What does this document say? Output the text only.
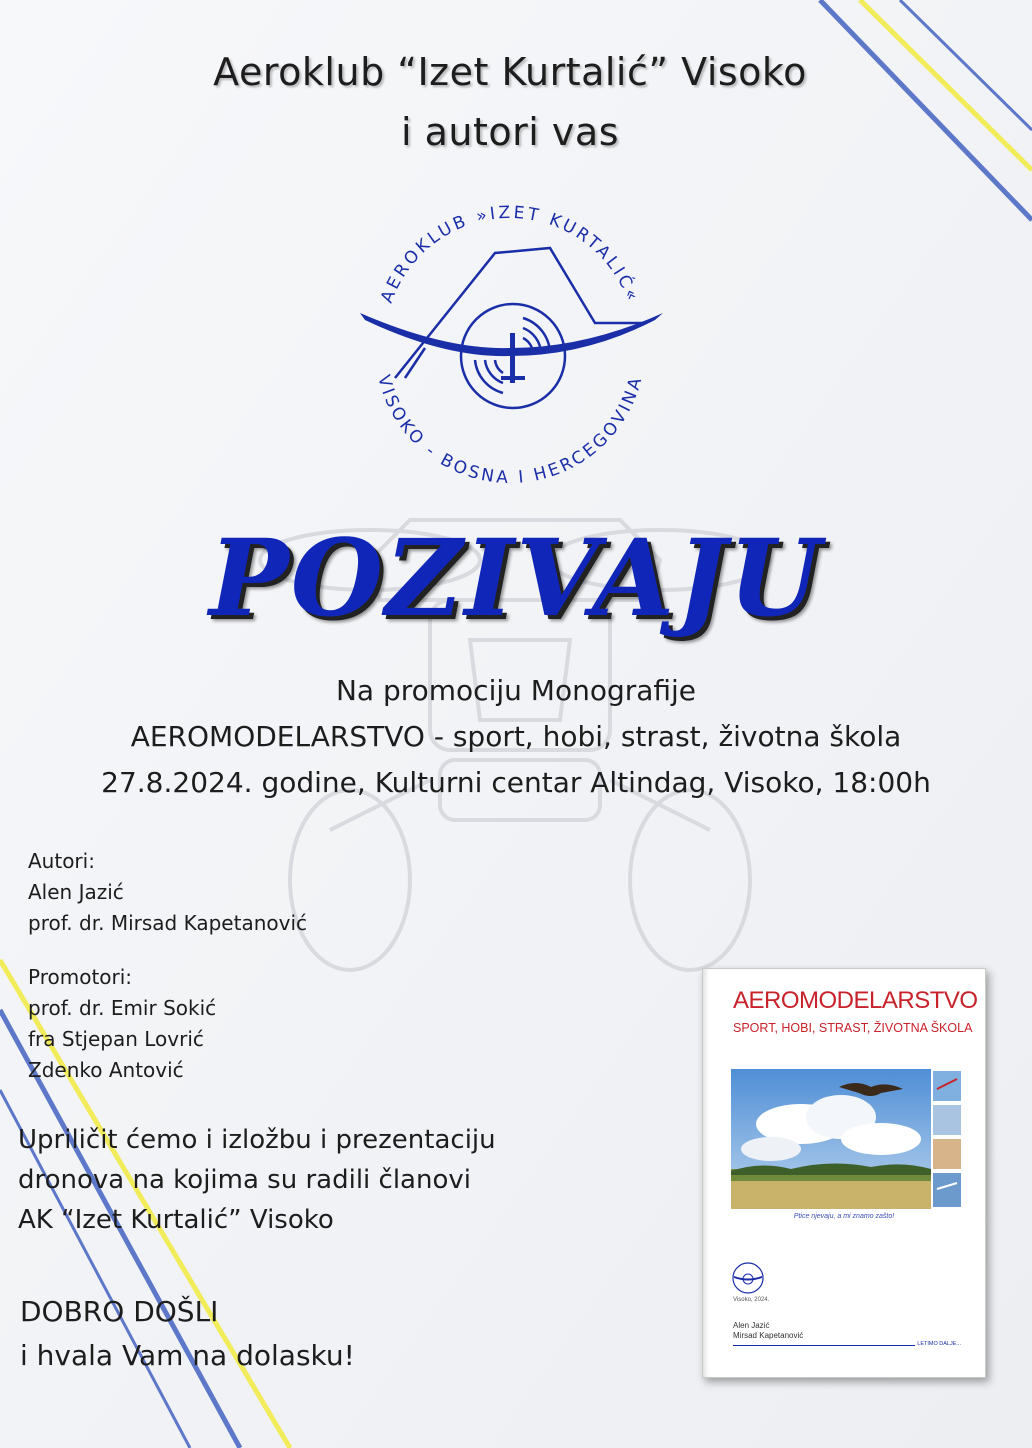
Aeroklub “Izet Kurtalić” Visoko
i autori vas
AEROKLUB »IZET KURTALIĆ«
VISOKO - BOSNA I HERCEGOVINA
POZIVAJU
Na promociju Monografije
AEROMODELARSTVO - sport, hobi, strast, životna škola
27.8.2024. godine, Kulturni centar Altindag, Visoko, 18:00h
Autori:
Alen Jazić
prof. dr. Mirsad Kapetanović
Promotori:
prof. dr. Emir Sokić
fra Stjepan Lovrić
Zdenko Antović
Upriličit ćemo i izložbu i prezentaciju
dronova na kojima su radili članovi
AK “Izet Kurtalić” Visoko
DOBRO DOŠLI
i hvala Vam na dolasku!
AEROMODELARSTVO
SPORT, HOBI, STRAST, ŽIVOTNA ŠKOLA
Ptice njevaju, a mi znamo zašto!
Visoko, 2024.
Alen Jazić
Mirsad Kapetanović
LETIMO DALJE...
